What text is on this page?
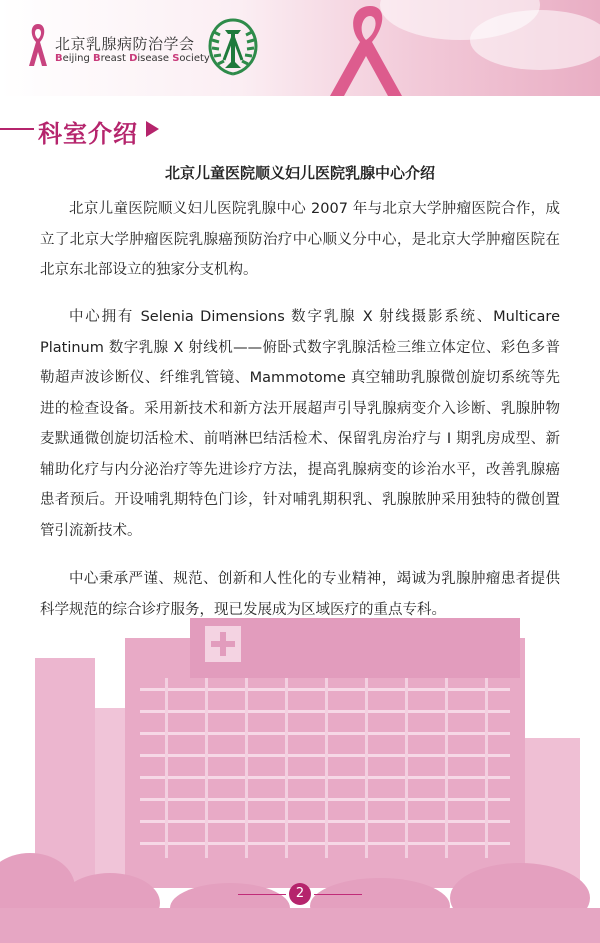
北京乳腺病防治学会
Beijing Breast Disease Society
科室介绍
北京儿童医院顺义妇儿医院乳腺中心介绍

北京儿童医院顺义妇儿医院乳腺中心 2007 年与北京大学肿瘤医院合作，成立了北京大学肿瘤医院乳腺癌预防治疗中心顺义分中心，是北京大学肿瘤医院在北京东北部设立的独家分支机构。

中心拥有 Selenia Dimensions 数字乳腺 X 射线摄影系统、Multicare Platinum 数字乳腺 X 射线机——俯卧式数字乳腺活检三维立体定位、彩色多普勒超声波诊断仪、纤维乳管镜、Mammotome 真空辅助乳腺微创旋切系统等先进的检查设备。采用新技术和新方法开展超声引导乳腺病变介入诊断、乳腺肿物麦默通微创旋切活检术、前哨淋巴结活检术、保留乳房治疗与 I 期乳房成型、新辅助化疗与内分泌治疗等先进诊疗方法，提高乳腺病变的诊治水平，改善乳腺癌患者预后。开设哺乳期特色门诊，针对哺乳期积乳、乳腺脓肿采用独特的微创置管引流新技术。

中心秉承严谨、规范、创新和人性化的专业精神，竭诚为乳腺肿瘤患者提供科学规范的综合诊疗服务，现已发展成为区域医疗的重点专科。

2
